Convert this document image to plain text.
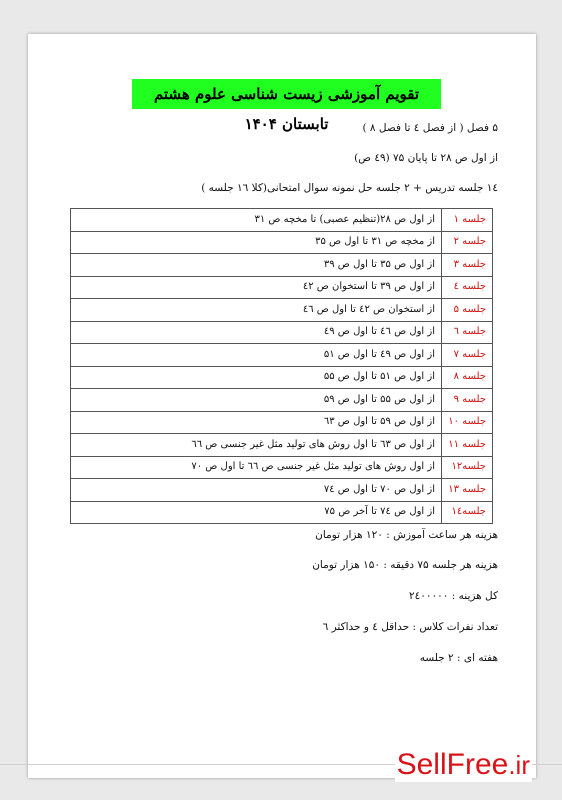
تقویم آموزشی زیست شناسی علوم هشتم تابستان ۱۴۰۴	۵ فصل ( از فصل ٤ تا فصل ۸ )
از اول ص ۲۸ تا پایان ۷۵ (٤۹ ص)
١٤ جلسه تدریس + ۲ جلسه حل نمونه سوال امتحانی(کلا ١٦ جلسه )
جلسه ١	از اول ص ۲۸(تنظیم عصبی) تا مخچه ص ۳١
جلسه ۲	از مخچه ص ۳١ تا اول ص ۳۵
جلسه ۳	از اول ص ۳۵ تا اول ص ۳۹
جلسه ٤	از اول ص ۳۹ تا استخوان ص ٤۲
جلسه ۵	از استخوان ص ٤۲ تا اول ص ٤٦
جلسه ٦	از اول ص ٤٦ تا اول ص ٤۹
جلسه ۷	از اول ص ٤۹ تا اول ص ۵١
جلسه ۸	از اول ص ۵١ تا اول ص ۵۵
جلسه ۹	از اول ص ۵۵ تا اول ص ۵۹
جلسه ١٠	از اول ص ۵۹ تا اول ص ٦۳
جلسه ١١	از اول ص ٦۳ تا اول روش های تولید مثل غیر جنسی ص ٦٦
جلسه١۲	از اول روش های تولید مثل غیر جنسی ص ٦٦ تا اول ص ۷٠
جلسه ١۳	از اول ص ۷٠ تا اول ص ۷٤
جلسه١٤	از اول ص ۷٤ تا آخر ص ۷۵
هزینه هر ساعت آموزش : ١۲٠ هزار تومان
هزینه هر جلسه ۷۵ دقیقه : ١۵٠ هزار تومان
کل هزینه : ۲٤٠٠٠٠٠
تعداد نفرات کلاس : حداقل ٤ و حداکثر ٦
هفته ای : ۲ جلسه
SellFree.ir
